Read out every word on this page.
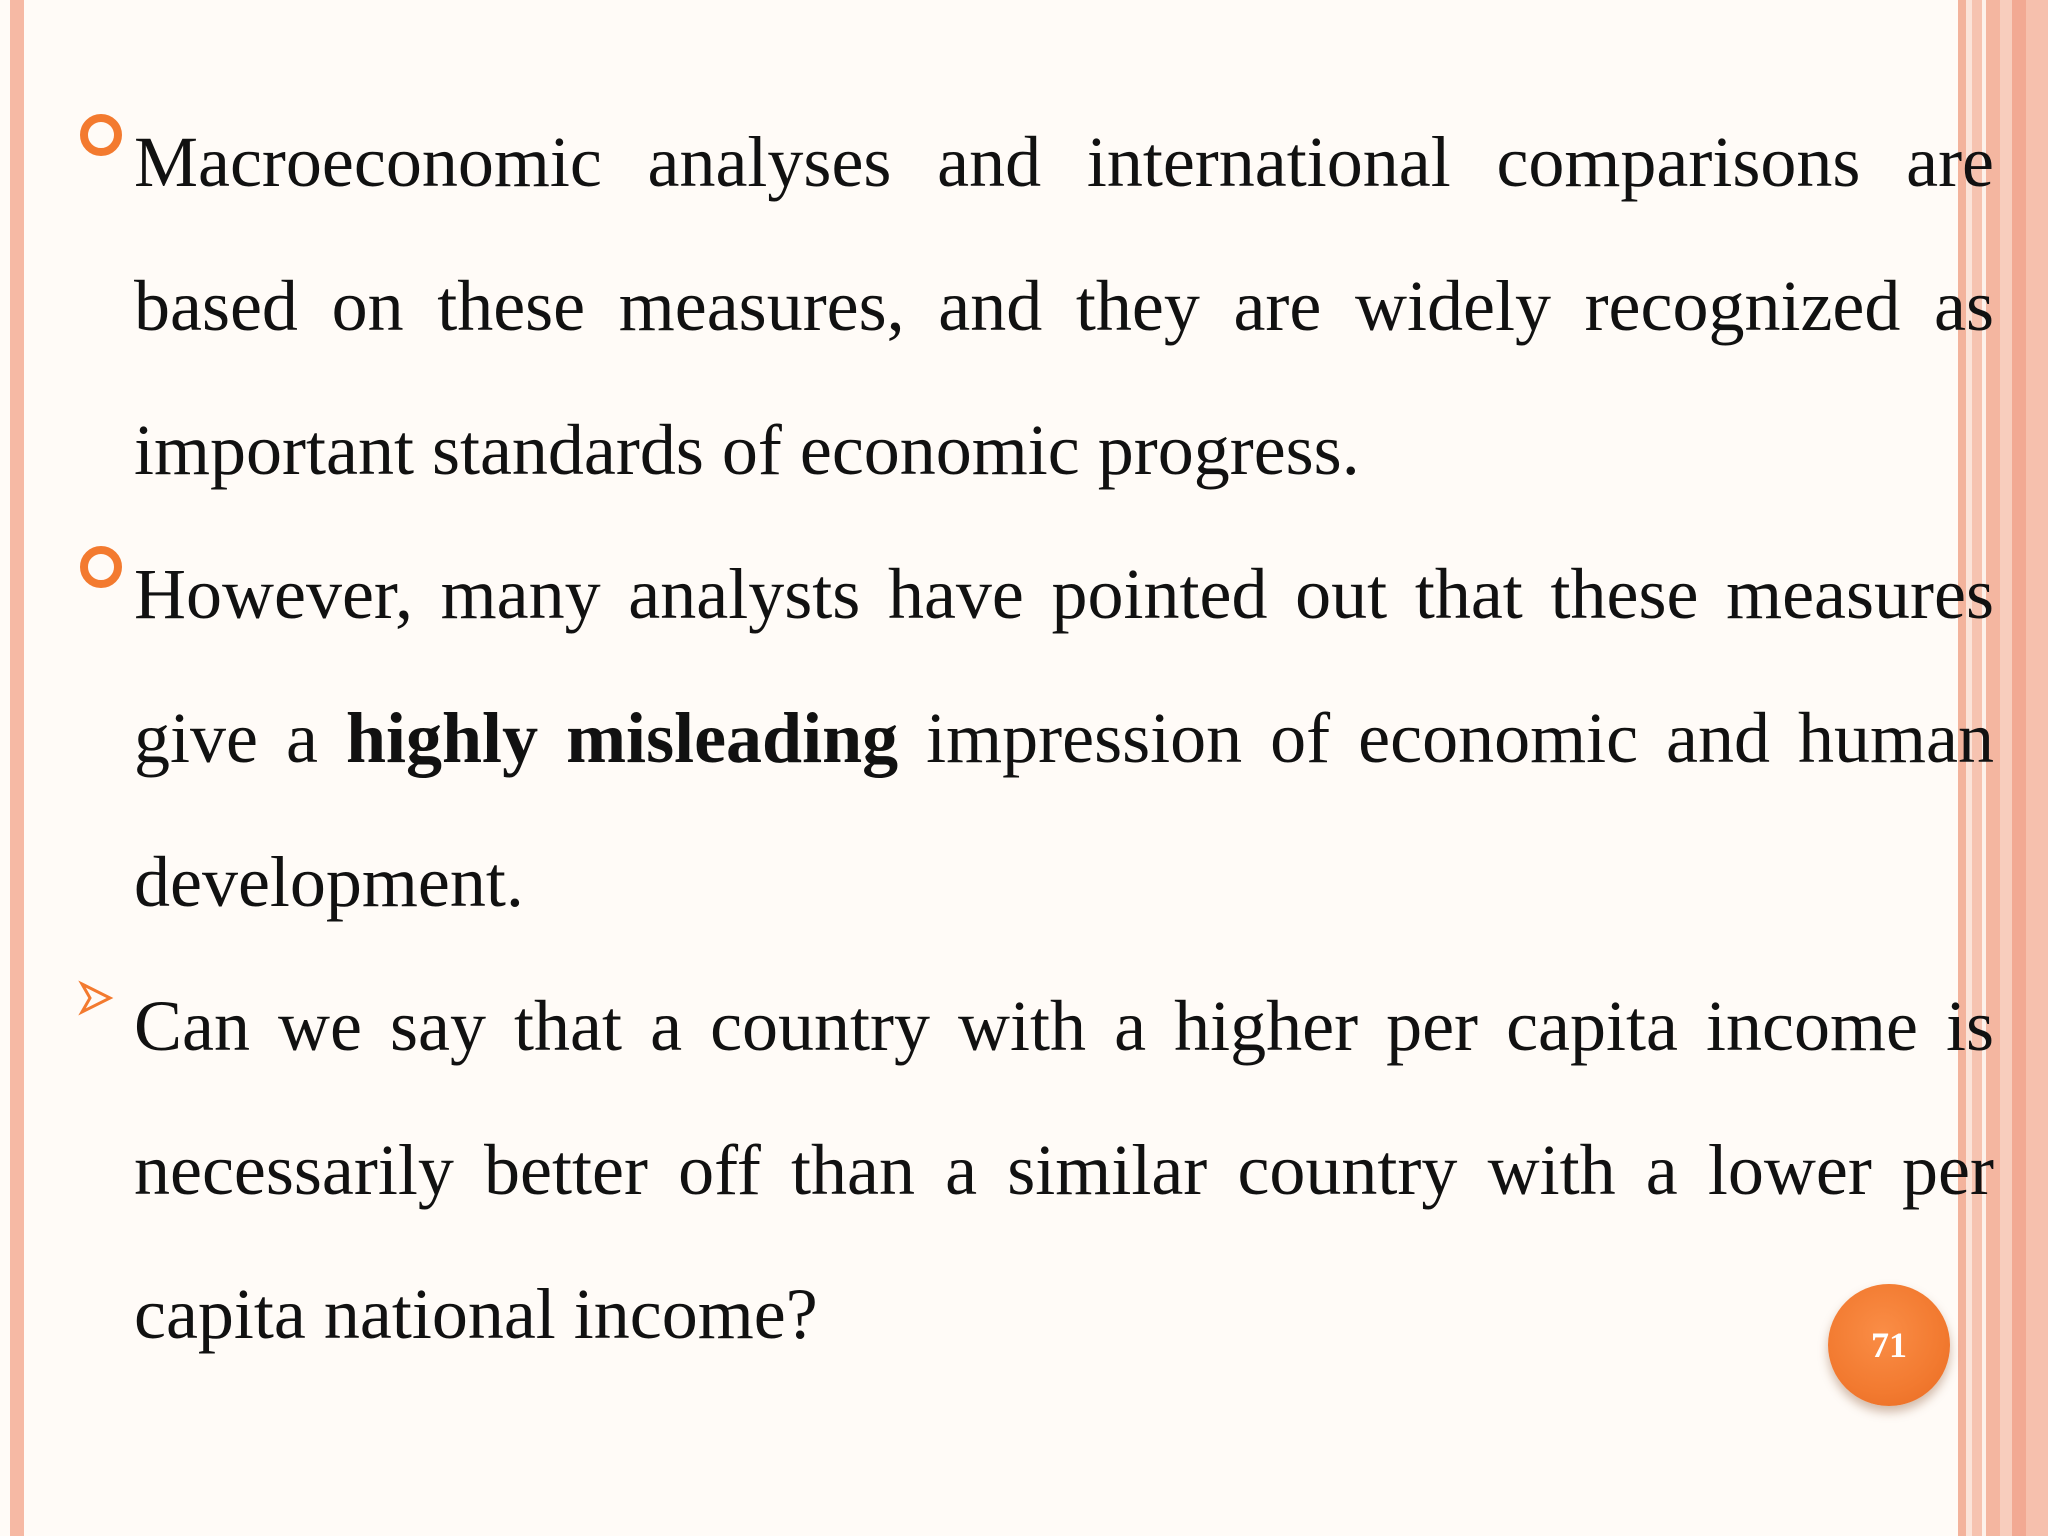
Macroeconomic analyses and international comparisons are based on these measures, and they are widely recognized as important standards of economic progress.
However, many analysts have pointed out that these measures give a highly misleading impression of economic and human development.
Can we say that a country with a higher per capita income is necessarily better off than a similar country with a lower per capita national income?	71
